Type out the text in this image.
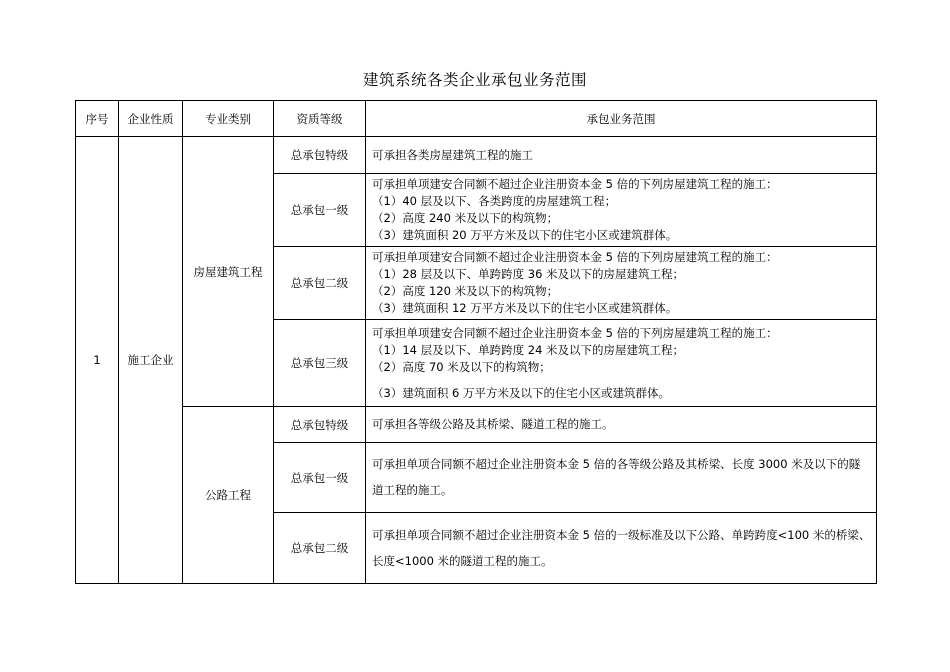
建筑系统各类企业承包业务范围
序号	企业性质	专业类别	资质等级	承包业务范围
1	施工企业	房屋建筑工程	总承包特级	可承担各类房屋建筑工程的施工

			总承包一级	可承担单项建安合同额不超过企业注册资本金 5 倍的下列房屋建筑工程的施工：
（1）40 层及以下、各类跨度的房屋建筑工程；
（2）高度 240 米及以下的构筑物；
（3）建筑面积 20 万平方米及以下的住宅小区或建筑群体。

			总承包二级	可承担单项建安合同额不超过企业注册资本金 5 倍的下列房屋建筑工程的施工：
（1）28 层及以下、单跨跨度 36 米及以下的房屋建筑工程；
（2）高度 120 米及以下的构筑物；
（3）建筑面积 12 万平方米及以下的住宅小区或建筑群体。

			总承包三级	可承担单项建安合同额不超过企业注册资本金 5 倍的下列房屋建筑工程的施工：
（1）14 层及以下、单跨跨度 24 米及以下的房屋建筑工程；
（2）高度 70 米及以下的构筑物；
（3）建筑面积 6 万平方米及以下的住宅小区或建筑群体。

		公路工程	总承包特级	可承担各等级公路及其桥梁、隧道工程的施工。

			总承包一级	可承担单项合同额不超过企业注册资本金 5 倍的各等级公路及其桥梁、长度 3000 米及以下的隧
道工程的施工。

			总承包二级	可承担单项合同额不超过企业注册资本金 5 倍的一级标准及以下公路、单跨跨度<100 米的桥梁、
长度<1000 米的隧道工程的施工。
